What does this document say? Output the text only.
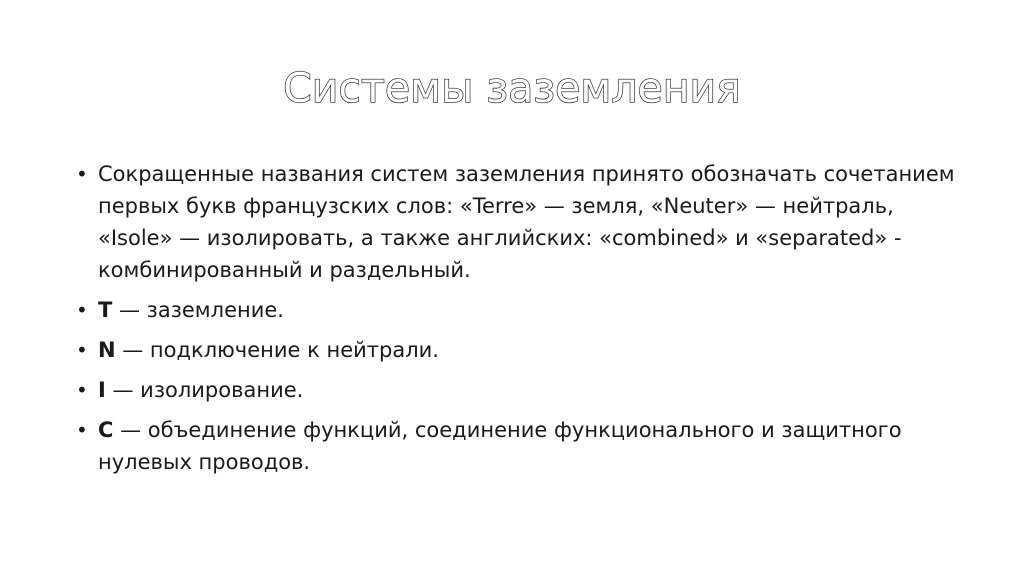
Системы заземления
• Сокращенные названия систем заземления принято обозначать сочетанием первых букв французских слов: «Terre» — земля, «Neuter» — нейтраль, «Isole» — изолировать, а также английских: «combined» и «separated» - комбинированный и раздельный.
• T — заземление.
• N — подключение к нейтрали.
• I — изолирование.
• C — объединение функций, соединение функционального и защитного нулевых проводов.
